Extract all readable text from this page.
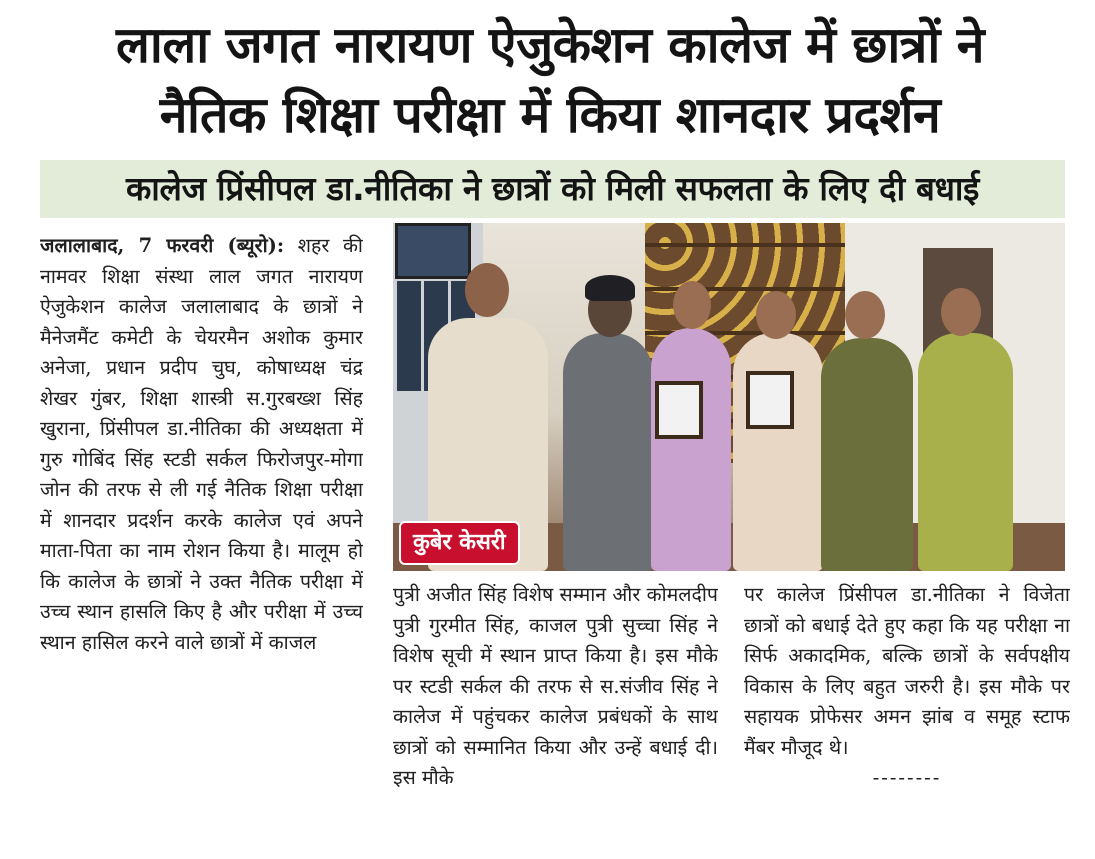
लाला जगत नारायण ऐजुकेशन कालेज में छात्रों ने
नैतिक शिक्षा परीक्षा में किया शानदार प्रदर्शन
कालेज प्रिंसीपल डा.नीतिका ने छात्रों को मिली सफलता के लिए दी बधाई
जलालाबाद, 7 फरवरी (ब्यूरो): शहर की नामवर शिक्षा संस्था लाल जगत नारायण ऐजुकेशन कालेज जलालाबाद के छात्रों ने मैनेजमैंट कमेटी के चेयरमैन अशोक कुमार अनेजा, प्रधान प्रदीप चुघ, कोषाध्यक्ष चंद्र शेखर गुंबर, शिक्षा शास्त्री स.गुरबख्श सिंह खुराना, प्रिंसीपल डा.नीतिका की अध्यक्षता में गुरु गोबिंद सिंह स्टडी सर्कल फिरोजपुर-मोगा जोन की तरफ से ली गई नैतिक शिक्षा परीक्षा में शानदार प्रदर्शन करके कालेज एवं अपने माता-पिता का नाम रोशन किया है। मालूम हो कि कालेज के छात्रों ने उक्त नैतिक परीक्षा में उच्च स्थान हासलि किए है और परीक्षा में उच्च स्थान हासिल करने वाले छात्रों में काजल
कुबेर केसरी
पुत्री अजीत सिंह विशेष सम्मान और कोमलदीप पुत्री गुरमीत सिंह, काजल पुत्री सुच्चा सिंह ने विशेष सूची में स्थान प्राप्त किया है। इस मौके पर स्टडी सर्कल की तरफ से स.संजीव सिंह ने कालेज में पहुंचकर कालेज प्रबंधकों के साथ छात्रों को सम्मानित किया और उन्हें बधाई दी। इस मौके
पर कालेज प्रिंसीपल डा.नीतिका ने विजेता छात्रों को बधाई देते हुए कहा कि यह परीक्षा ना सिर्फ अकादमिक, बल्कि छात्रों के सर्वपक्षीय विकास के लिए बहुत जरुरी है। इस मौके पर सहायक प्रोफेसर अमन झांब व समूह स्टाफ मैंबर मौजूद थे।
--------
